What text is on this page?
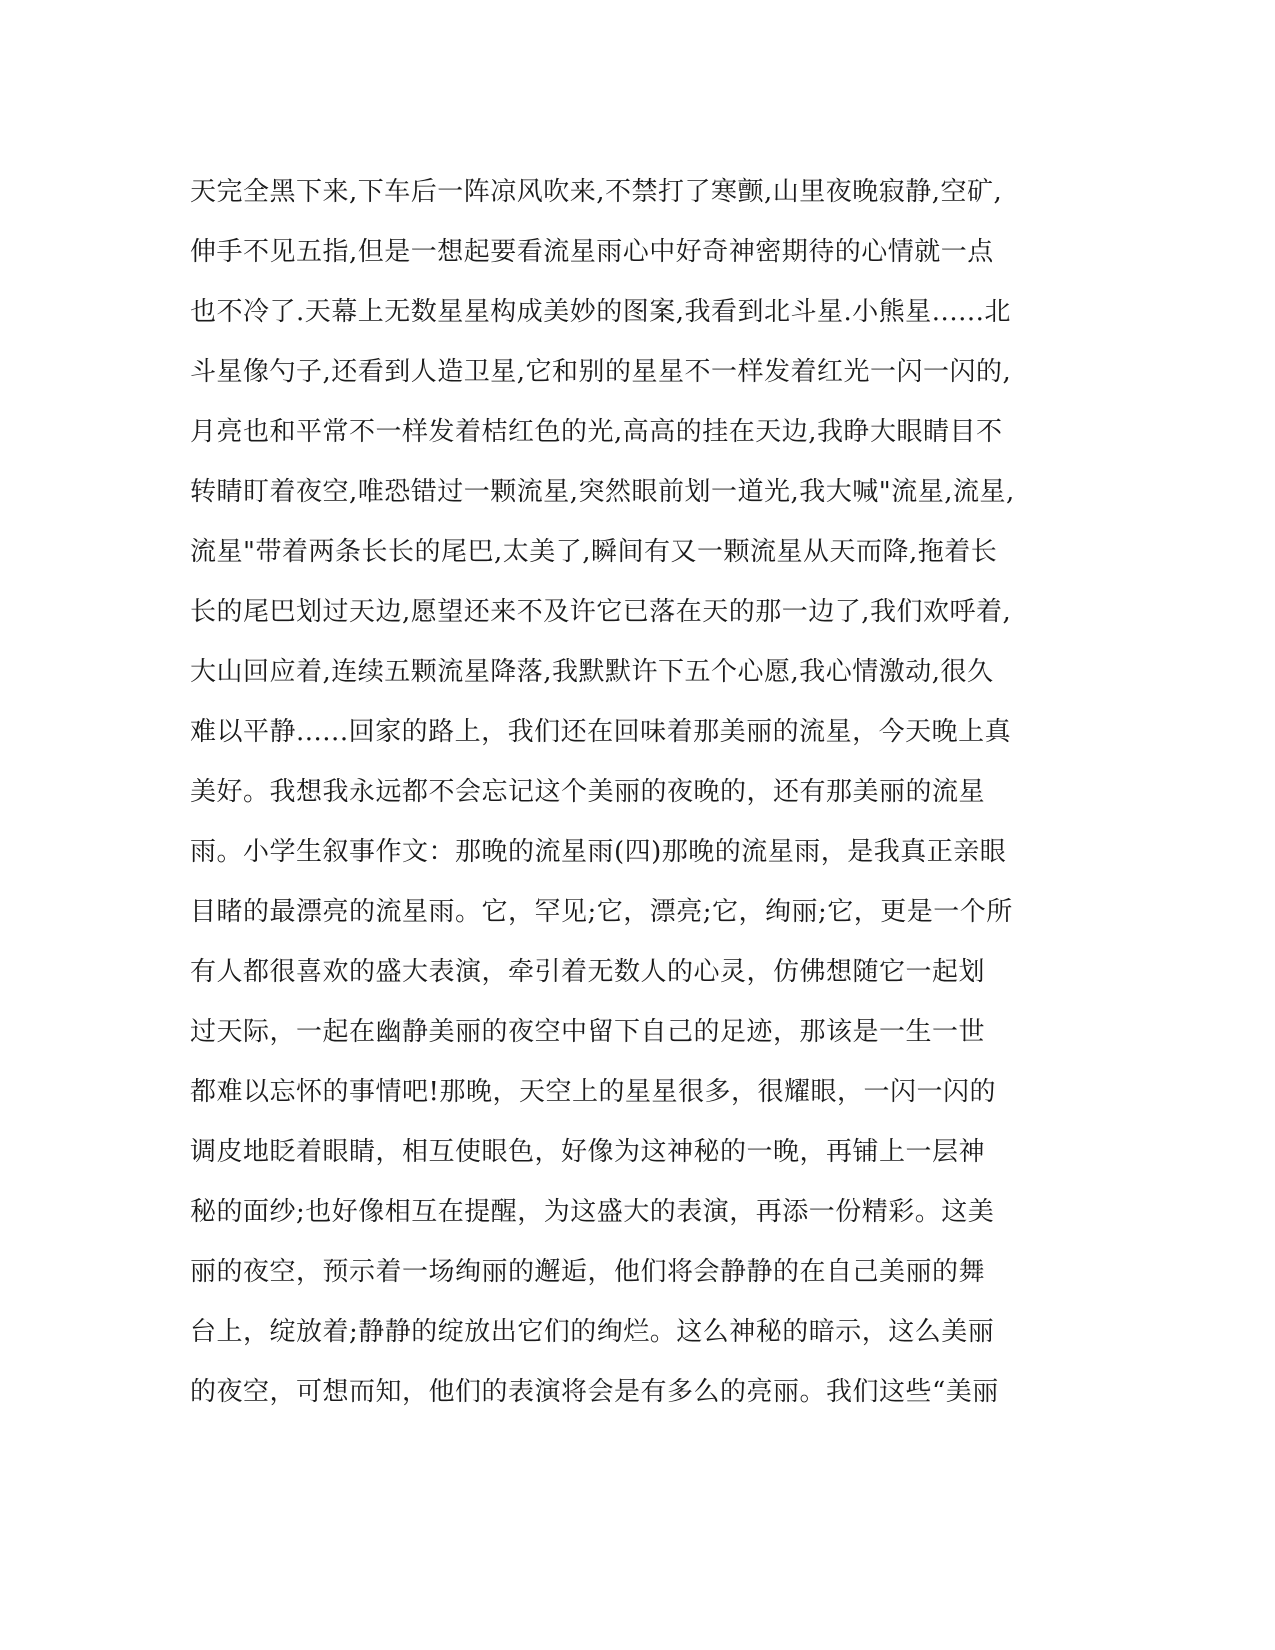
天完全黑下来,下车后一阵凉风吹来,不禁打了寒颤,山里夜晚寂静,空矿,
伸手不见五指,但是一想起要看流星雨心中好奇神密期待的心情就一点
也不冷了.天幕上无数星星构成美妙的图案,我看到北斗星.小熊星......北
斗星像勺子,还看到人造卫星,它和别的星星不一样发着红光一闪一闪的,
月亮也和平常不一样发着桔红色的光,高高的挂在天边,我睁大眼睛目不
转睛盯着夜空,唯恐错过一颗流星,突然眼前划一道光,我大喊"流星,流星,
流星"带着两条长长的尾巴,太美了,瞬间有又一颗流星从天而降,拖着长
长的尾巴划过天边,愿望还来不及许它已落在天的那一边了,我们欢呼着,
大山回应着,连续五颗流星降落,我默默许下五个心愿,我心情激动,很久
难以平静......回家的路上，我们还在回味着那美丽的流星，今天晚上真
美好。我想我永远都不会忘记这个美丽的夜晚的，还有那美丽的流星
雨。小学生叙事作文：那晚的流星雨(四)那晚的流星雨，是我真正亲眼
目睹的最漂亮的流星雨。它，罕见;它，漂亮;它，绚丽;它，更是一个所
有人都很喜欢的盛大表演，牵引着无数人的心灵，仿佛想随它一起划
过天际，一起在幽静美丽的夜空中留下自己的足迹，那该是一生一世
都难以忘怀的事情吧!那晚，天空上的星星很多，很耀眼，一闪一闪的
调皮地眨着眼睛，相互使眼色，好像为这神秘的一晚，再铺上一层神
秘的面纱;也好像相互在提醒，为这盛大的表演，再添一份精彩。这美
丽的夜空，预示着一场绚丽的邂逅，他们将会静静的在自己美丽的舞
台上，绽放着;静静的绽放出它们的绚烂。这么神秘的暗示，这么美丽
的夜空，可想而知，他们的表演将会是有多么的亮丽。我们这些“美丽
